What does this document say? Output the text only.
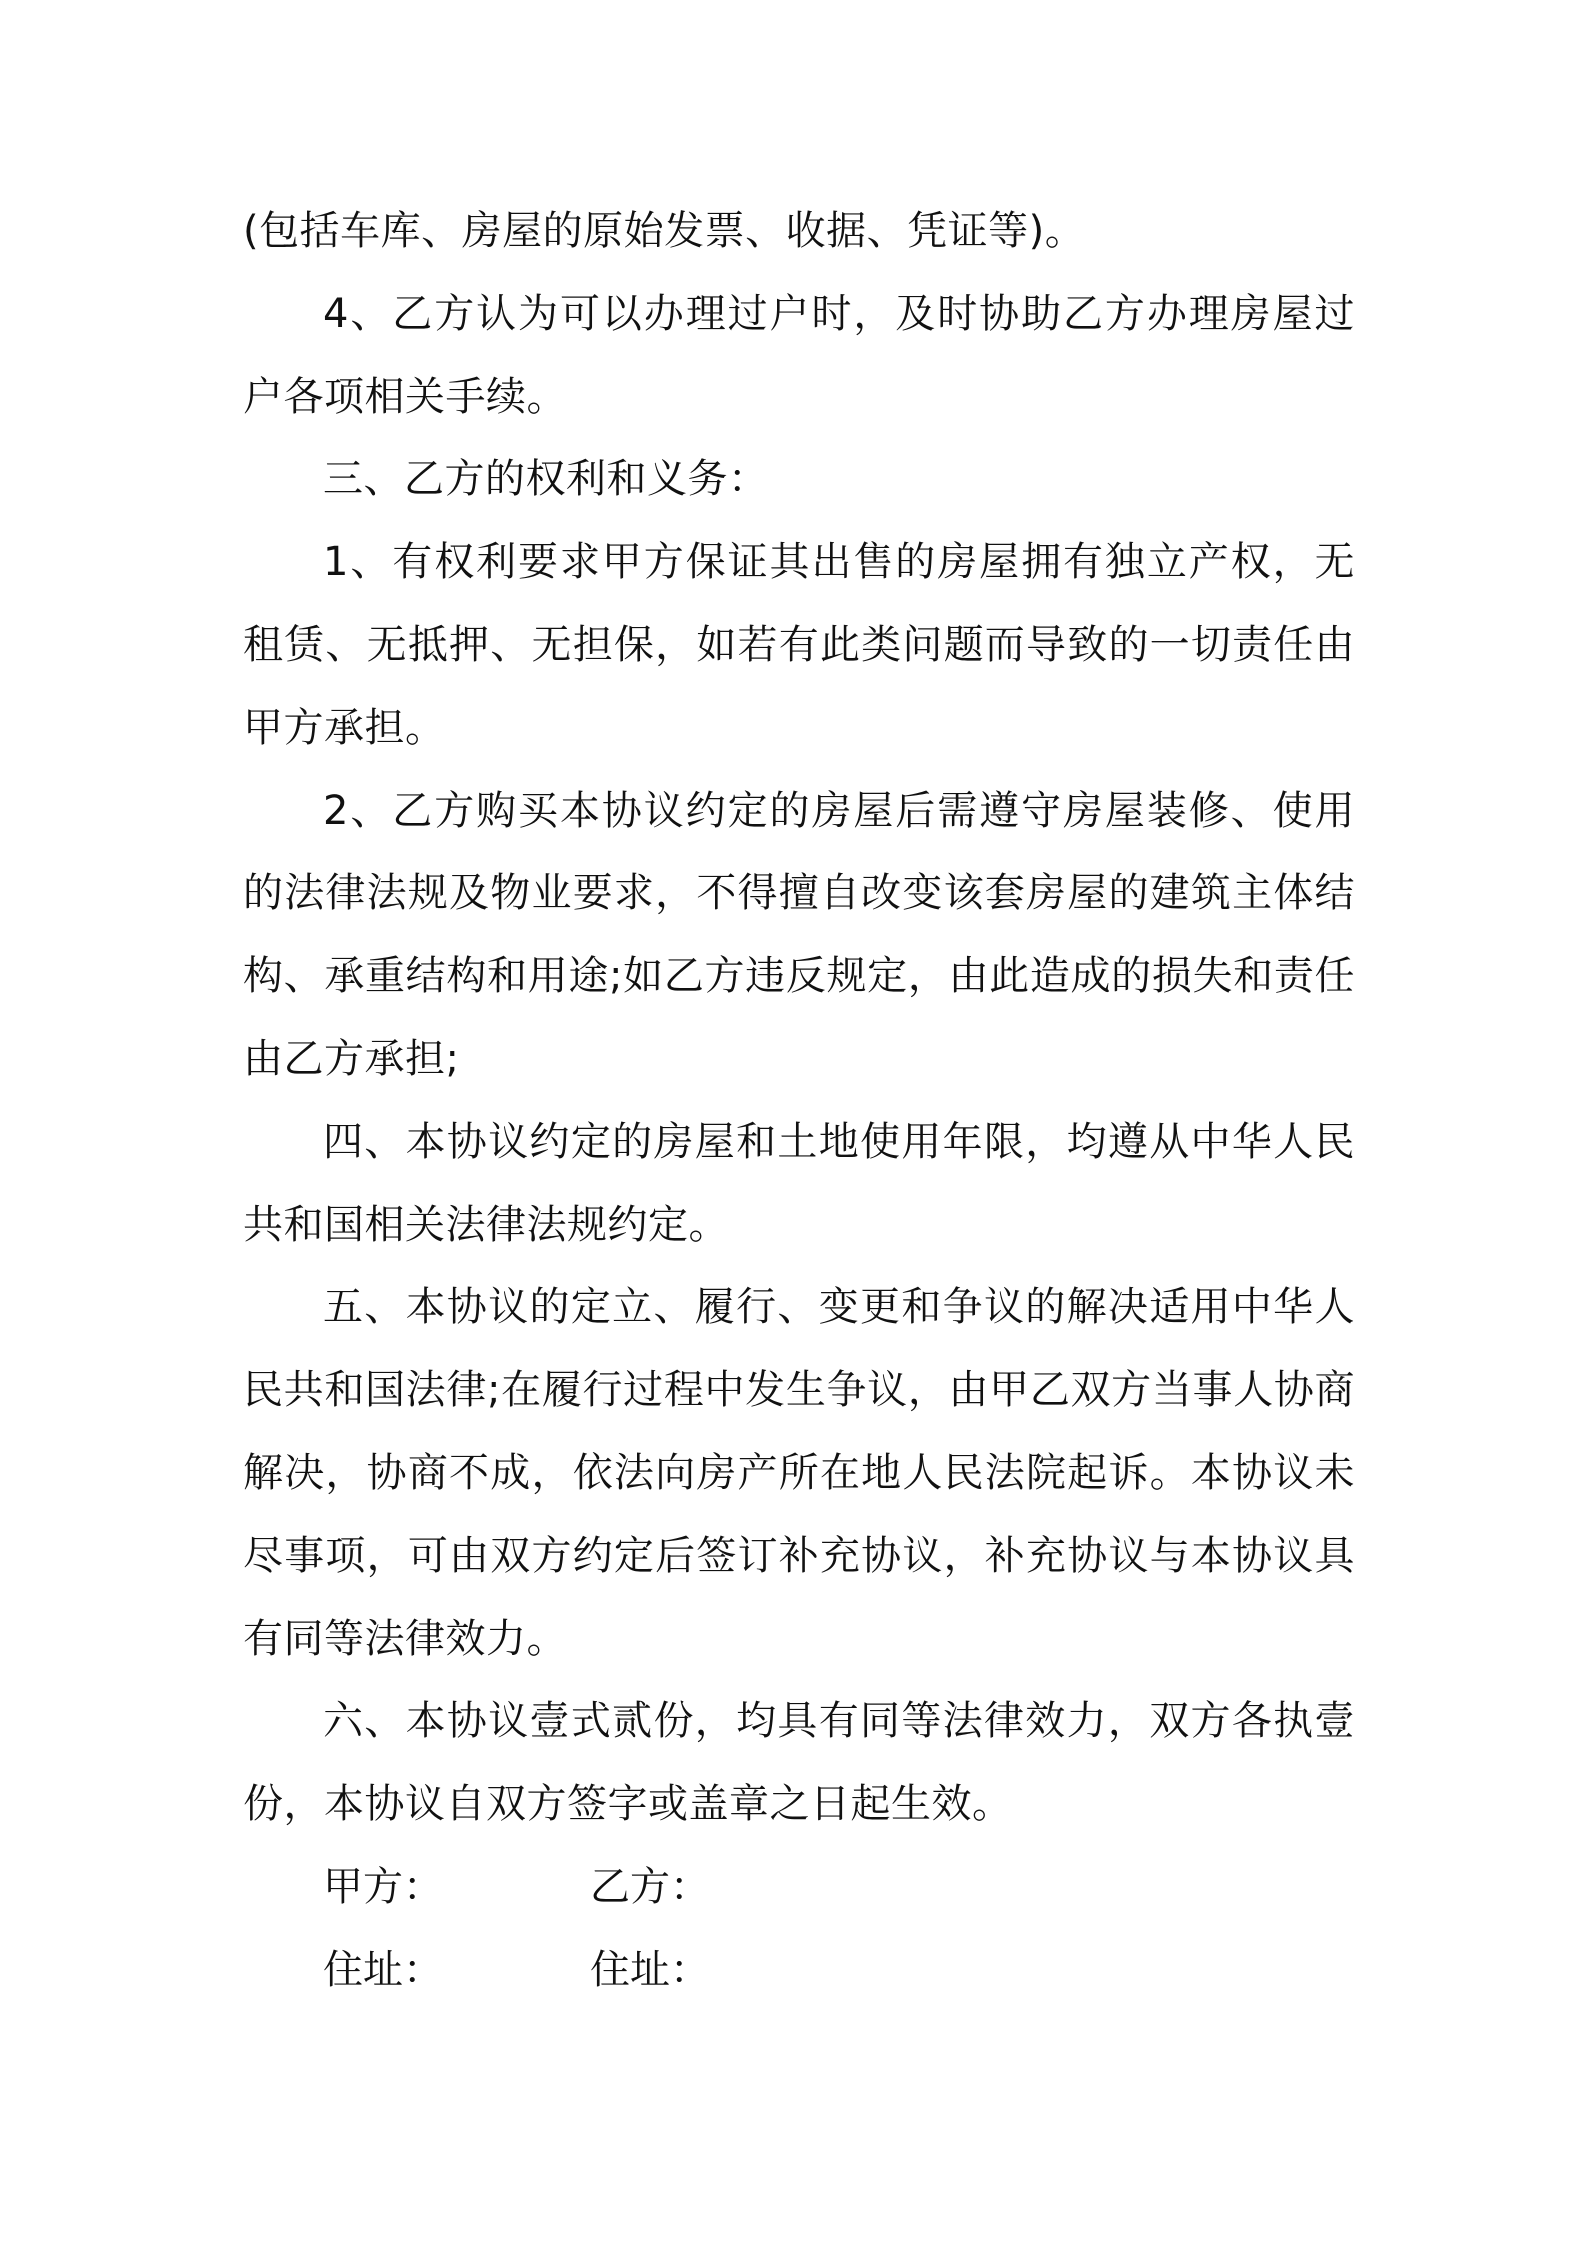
(包括车库、房屋的原始发票、收据、凭证等)。

4、乙方认为可以办理过户时，及时协助乙方办理房屋过户各项相关手续。

三、乙方的权利和义务：

1、有权利要求甲方保证其出售的房屋拥有独立产权，无租赁、无抵押、无担保，如若有此类问题而导致的一切责任由甲方承担。

2、乙方购买本协议约定的房屋后需遵守房屋装修、使用的法律法规及物业要求，不得擅自改变该套房屋的建筑主体结构、承重结构和用途;如乙方违反规定，由此造成的损失和责任由乙方承担;

四、本协议约定的房屋和土地使用年限，均遵从中华人民共和国相关法律法规约定。

五、本协议的定立、履行、变更和争议的解决适用中华人民共和国法律;在履行过程中发生争议，由甲乙双方当事人协商解决，协商不成，依法向房产所在地人民法院起诉。本协议未尽事项，可由双方约定后签订补充协议，补充协议与本协议具有同等法律效力。

六、本协议壹式贰份，均具有同等法律效力，双方各执壹份，本协议自双方签字或盖章之日起生效。

甲方：	乙方：
住址：	住址：
